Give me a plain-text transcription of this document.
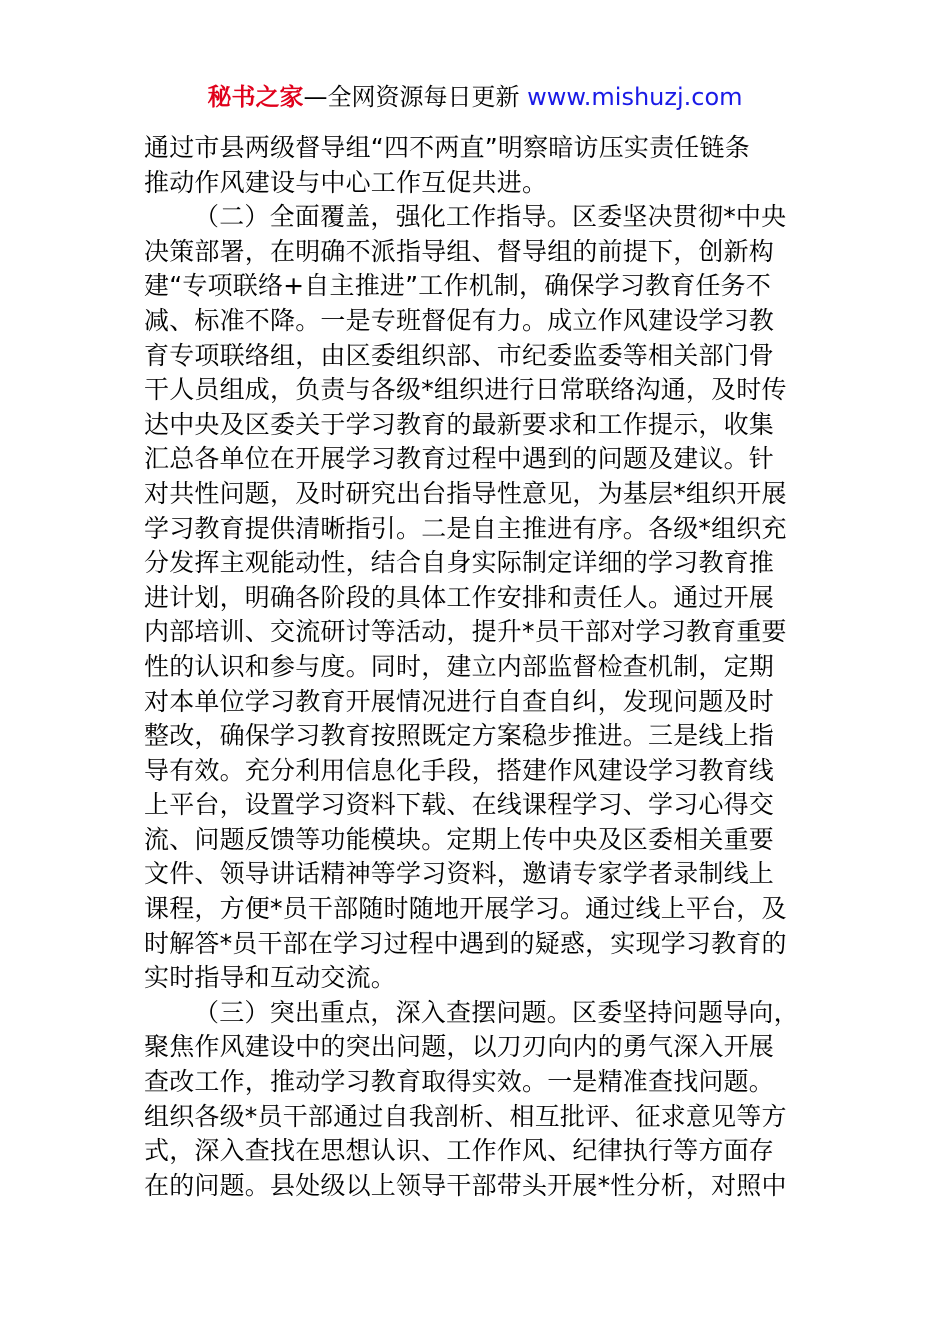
秘书之家—全网资源每日更新 www.mishuzj.com
通过市县两级督导组“四不两直”明察暗访压实责任链条
推动作风建设与中心工作互促共进。
（二）全面覆盖，强化工作指导。区委坚决贯彻*中央
决策部署，在明确不派指导组、督导组的前提下，创新构
建“专项联络+自主推进”工作机制，确保学习教育任务不
减、标准不降。一是专班督促有力。成立作风建设学习教
育专项联络组，由区委组织部、市纪委监委等相关部门骨
干人员组成，负责与各级*组织进行日常联络沟通，及时传
达中央及区委关于学习教育的最新要求和工作提示，收集
汇总各单位在开展学习教育过程中遇到的问题及建议。针
对共性问题，及时研究出台指导性意见，为基层*组织开展
学习教育提供清晰指引。二是自主推进有序。各级*组织充
分发挥主观能动性，结合自身实际制定详细的学习教育推
进计划，明确各阶段的具体工作安排和责任人。通过开展
内部培训、交流研讨等活动，提升*员干部对学习教育重要
性的认识和参与度。同时，建立内部监督检查机制，定期
对本单位学习教育开展情况进行自查自纠，发现问题及时
整改，确保学习教育按照既定方案稳步推进。三是线上指
导有效。充分利用信息化手段，搭建作风建设学习教育线
上平台，设置学习资料下载、在线课程学习、学习心得交
流、问题反馈等功能模块。定期上传中央及区委相关重要
文件、领导讲话精神等学习资料，邀请专家学者录制线上
课程，方便*员干部随时随地开展学习。通过线上平台，及
时解答*员干部在学习过程中遇到的疑惑，实现学习教育的
实时指导和互动交流。
（三）突出重点，深入查摆问题。区委坚持问题导向，
聚焦作风建设中的突出问题，以刀刃向内的勇气深入开展
查改工作，推动学习教育取得实效。一是精准查找问题。
组织各级*员干部通过自我剖析、相互批评、征求意见等方
式，深入查找在思想认识、工作作风、纪律执行等方面存
在的问题。县处级以上领导干部带头开展*性分析，对照中
